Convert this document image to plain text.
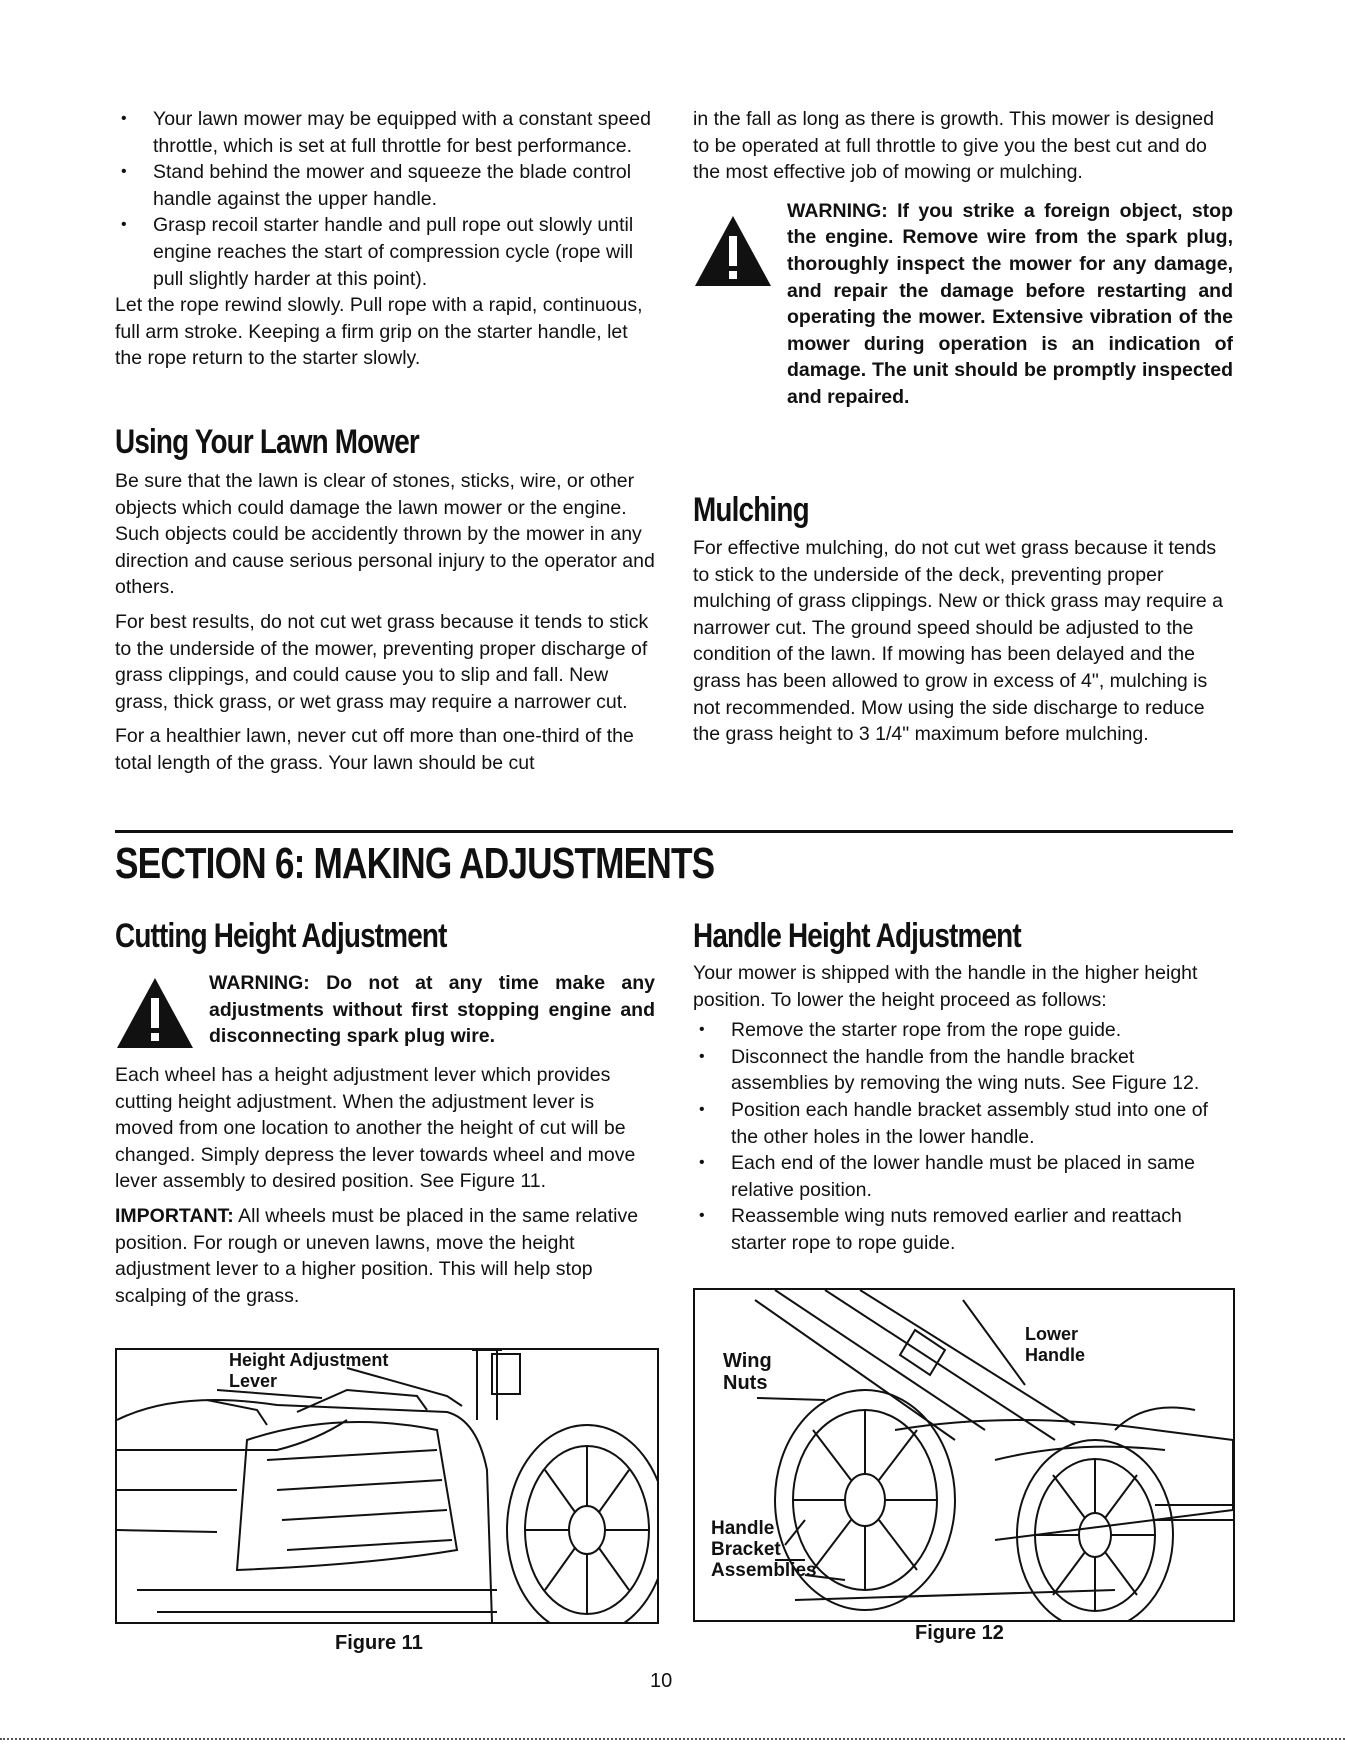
• Your lawn mower may be equipped with a constant speed throttle, which is set at full throttle for best performance.
• Stand behind the mower and squeeze the blade control handle against the upper handle.
• Grasp recoil starter handle and pull rope out slowly until engine reaches the start of compression cycle (rope will pull slightly harder at this point).

Let the rope rewind slowly. Pull rope with a rapid, continuous, full arm stroke. Keeping a firm grip on the starter handle, let the rope return to the starter slowly.

Using Your Lawn Mower

Be sure that the lawn is clear of stones, sticks, wire, or other objects which could damage the lawn mower or the engine. Such objects could be accidently thrown by the mower in any direction and cause serious personal injury to the operator and others.

For best results, do not cut wet grass because it tends to stick to the underside of the mower, preventing proper discharge of grass clippings, and could cause you to slip and fall. New grass, thick grass, or wet grass may require a narrower cut.

For a healthier lawn, never cut off more than one-third of the total length of the grass. Your lawn should be cut

in the fall as long as there is growth. This mower is designed to be operated at full throttle to give you the best cut and do the most effective job of mowing or mulching.

WARNING: If you strike a foreign object, stop the engine. Remove wire from the spark plug, thoroughly inspect the mower for any damage, and repair the damage before restarting and operating the mower. Extensive vibration of the mower during operation is an indication of damage. The unit should be promptly inspected and repaired.
Mulching

For effective mulching, do not cut wet grass because it tends to stick to the underside of the deck, preventing proper mulching of grass clippings. New or thick grass may require a narrower cut. The ground speed should be adjusted to the condition of the lawn. If mowing has been delayed and the grass has been allowed to grow in excess of 4", mulching is not recommended. Mow using the side discharge to reduce the grass height to 3 1/4" maximum before mulching.

SECTION 6: MAKING ADJUSTMENTS
Cutting Height Adjustment
WARNING: Do not at any time make any adjustments without first stopping engine and disconnecting spark plug wire.

Each wheel has a height adjustment lever which provides cutting height adjustment. When the adjustment lever is moved from one location to another the height of cut will be changed. Simply depress the lever towards wheel and move lever assembly to desired position. See Figure 11.

IMPORTANT: All wheels must be placed in the same relative position. For rough or uneven lawns, move the height adjustment lever to a higher position. This will help stop scalping of the grass.

Handle Height Adjustment

Your mower is shipped with the handle in the higher height position. To lower the height proceed as follows:

• Remove the starter rope from the rope guide.
• Disconnect the handle from the handle bracket assemblies by removing the wing nuts. See Figure 12.
• Position each handle bracket assembly stud into one of the other holes in the lower handle.
• Each end of the lower handle must be placed in same relative position.
• Reassemble wing nuts removed earlier and reattach starter rope to rope guide.
Height Adjustment
Lever
Figure 11
Wing
Nuts
Lower
Handle
Handle
Bracket
Assemblies
Figure 12
10
